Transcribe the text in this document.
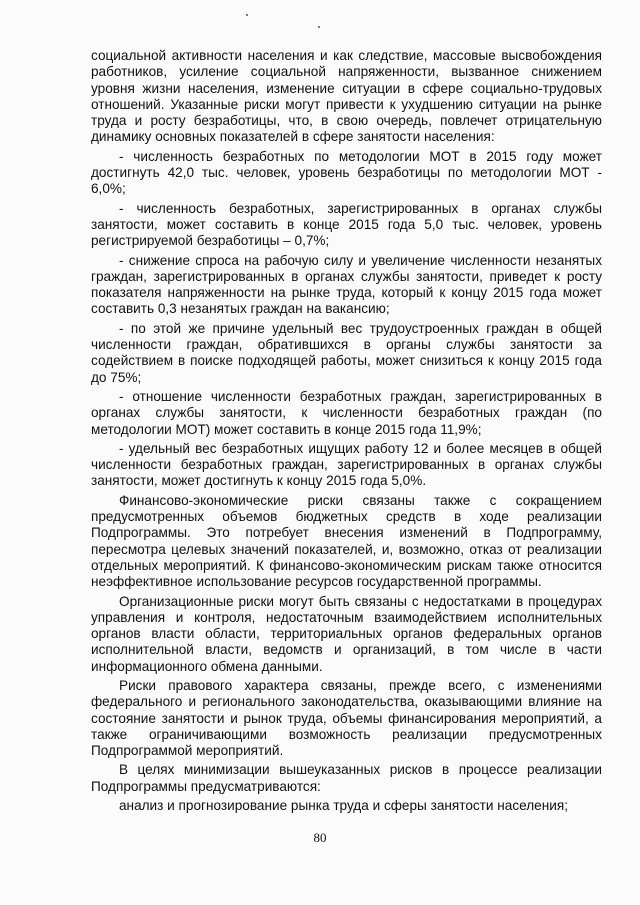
социальной активности населения и как следствие, массовые высвобождения работников, усиление социальной напряженности, вызванное снижением уровня жизни населения, изменение ситуации в сфере социально-трудовых отношений. Указанные риски могут привести к ухудшению ситуации на рынке труда и росту безработицы, что, в свою очередь, повлечет отрицательную динамику основных показателей в сфере занятости населения:

- численность безработных по методологии МОТ в 2015 году может достигнуть 42,0 тыс. человек, уровень безработицы по методологии МОТ - 6,0%;

- численность безработных, зарегистрированных в органах службы занятости, может составить в конце 2015 года 5,0 тыс. человек, уровень регистрируемой безработицы – 0,7%;

- снижение спроса на рабочую силу и увеличение численности незанятых граждан, зарегистрированных в органах службы занятости, приведет к росту показателя напряженности на рынке труда, который к концу 2015 года может составить 0,3 незанятых граждан на вакансию;

- по этой же причине удельный вес трудоустроенных граждан в общей численности граждан, обратившихся в органы службы занятости за содействием в поиске подходящей работы, может снизиться к концу 2015 года до 75%;

- отношение численности безработных граждан, зарегистрированных в органах службы занятости, к численности безработных граждан (по методологии МОТ) может составить в конце 2015 года 11,9%;

- удельный вес безработных ищущих работу 12 и более месяцев в общей численности безработных граждан, зарегистрированных в органах службы занятости, может достигнуть к концу 2015 года 5,0%.

Финансово-экономические риски связаны также с сокращением предусмотренных объемов бюджетных средств в ходе реализации Подпрограммы. Это потребует внесения изменений в Подпрограмму, пересмотра целевых значений показателей, и, возможно, отказ от реализации отдельных мероприятий. К финансово-экономическим рискам также относится неэффективное использование ресурсов государственной программы.

Организационные риски могут быть связаны с недостатками в процедурах управления и контроля, недостаточным взаимодействием исполнительных органов власти области, территориальных органов федеральных органов исполнительной власти, ведомств и организаций, в том числе в части информационного обмена данными.

Риски правового характера связаны, прежде всего, с изменениями федерального и регионального законодательства, оказывающими влияние на состояние занятости и рынок труда, объемы финансирования мероприятий, а также ограничивающими возможность реализации предусмотренных Подпрограммой мероприятий.

В целях минимизации вышеуказанных рисков в процессе реализации Подпрограммы предусматриваются:

анализ и прогнозирование рынка труда и сферы занятости населения;

80
